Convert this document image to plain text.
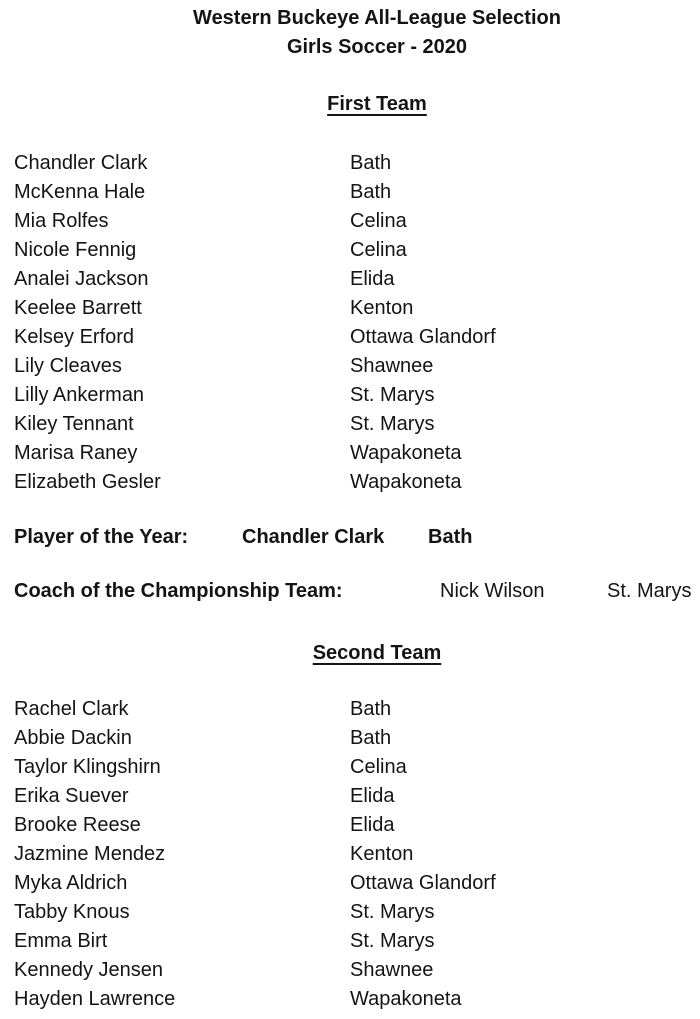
Western Buckeye All-League Selection
Girls Soccer - 2020
First Team
Chandler Clark	Bath
McKenna Hale	Bath
Mia Rolfes	Celina
Nicole Fennig	Celina
Analei Jackson	Elida
Keelee Barrett	Kenton
Kelsey Erford	Ottawa Glandorf
Lily Cleaves	Shawnee
Lilly Ankerman	St. Marys
Kiley Tennant	St. Marys
Marisa Raney	Wapakoneta
Elizabeth Gesler	Wapakoneta
Player of the Year:	Chandler Clark Bath
Coach of the Championship Team:	Nick Wilson	St. Marys
Second Team
Rachel Clark	Bath
Abbie Dackin	Bath
Taylor Klingshirn	Celina
Erika Suever	Elida
Brooke Reese	Elida
Jazmine Mendez	Kenton
Myka Aldrich	Ottawa Glandorf
Tabby Knous	St. Marys
Emma Birt	St. Marys
Kennedy Jensen	Shawnee
Hayden Lawrence	Wapakoneta
